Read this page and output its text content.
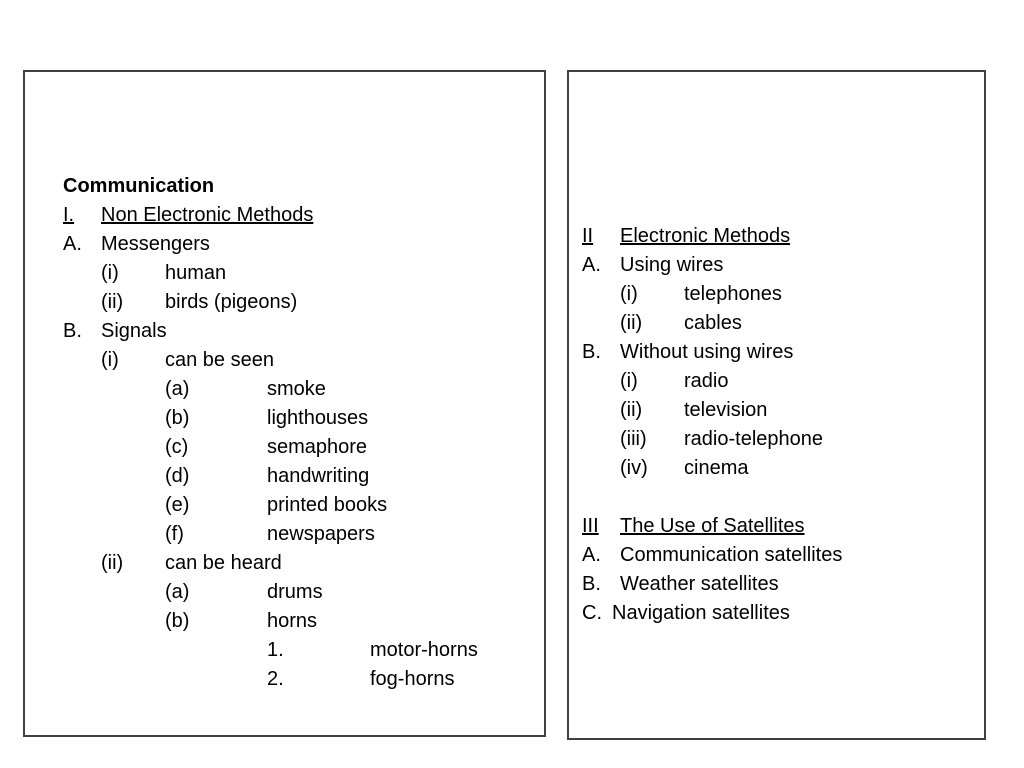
Communication
I. Non Electronic Methods
A. Messengers
(i) human
(ii) birds (pigeons)
B. Signals
(i) can be seen
(a)	smoke
(b)	lighthouses
(c)	semaphore
(d)	handwriting
(e)	printed books
(f)	newspapers
(ii) can be heard
(a)	drums
(b)	horns
1.	motor-horns
2.	fog-horns
II	Electronic Methods
A. Using wires
(i) telephones
(ii) cables
B. Without using wires
(i) radio
(ii) television
(iii) radio-telephone
(iv) cinema
III	The Use of Satellites
A. Communication satellites
B. Weather satellites
C. Navigation satellites
